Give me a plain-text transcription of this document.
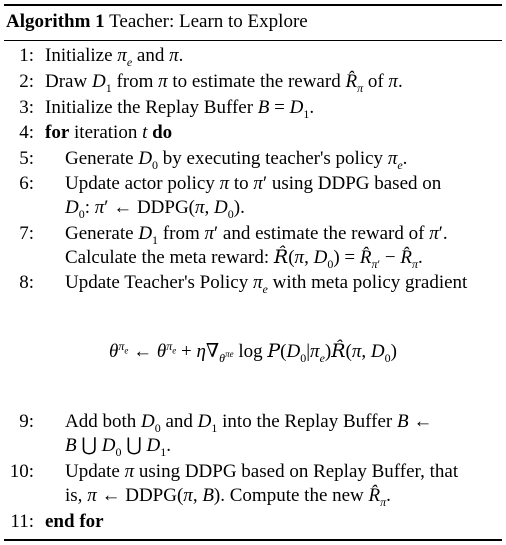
Algorithm 1 Teacher: Learn to Explore
1: Initialize $\pi_e$ and π.
2: Draw $D_1$ from π to estimate the reward $R̂_\pi$ of π.
3: Initialize the Replay Buffer $B = D_1$.
4: for iteration t do
5: Generate $D_0$ by executing teacher's policy $\pi_e$.
6: Update actor policy π to π′ using DDPG based on
$D_0$: π′ ← DDPG(π, $D_0$).
7: Generate $D_1$ from π′ and estimate the reward of π′.
Calculate the meta reward: R̂(π, $D_0$) = $R̂_{\pi'}$ − $R̂_\pi$.
8: Update Teacher's Policy $\pi_e$ with meta policy gradient
$\theta^{\pi_e}$ ← $\theta^{\pi_e} + \eta\nabla_{\theta^{\pi e}}$ $\log P(D_0|\pi_e)R̂(\pi$, $D_0$)
9: Add both $D_0$ and $D_1$ into the Replay Buffer B ←
B ⋃ $D_0$ ⋃ $D_1$.
10: Update π using DDPG based on Replay Buffer, that
is, π ← DDPG(π, B). Compute the new $R̂_\pi$.
11: end for
